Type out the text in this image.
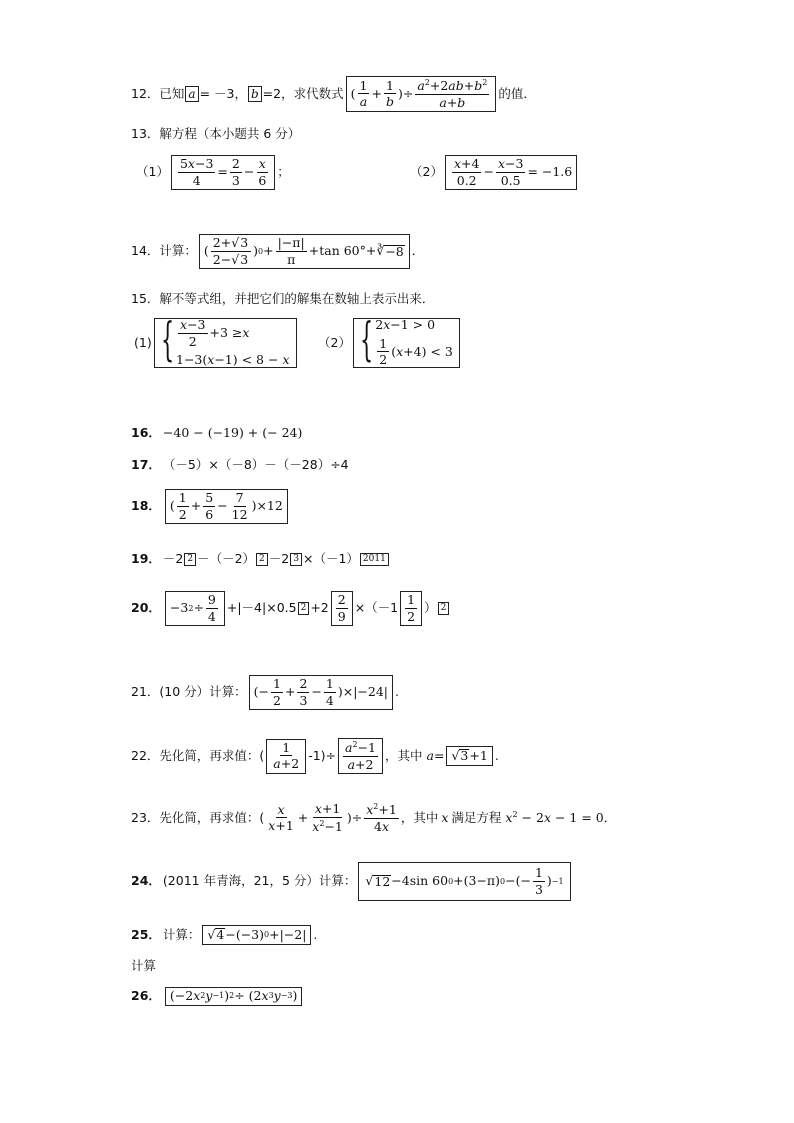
12． 已知 a = －3， b =2，求代数式 ( $\frac{1}{a} + \frac{1}{b}$ )÷ $\frac{a^2+2ab+b^2}{a+b}$ 的值．
13．解方程（本小题共 6 分）
$(1) \frac{5x-3}{4} = \frac{2}{3} - \frac{x}{6}$ ；	$(2) \frac{x+4}{0.2} - \frac{x-3}{0.5} = -1.6$
14．计算： ( $\frac{2+√3}{2-√3}$ ) $0 + \frac{|-\pi|}{\pi} +\tan$ 60°+∛ −8 ．
15．解不等式组，并把它们的解集在数轴上表示出来．
(1) { $\frac{x-3}{2} +3 \ge x$
1−3(x−1) < 8 − x
（2） { 2x−1 > 0
$\frac{1}{2}$ ( x +4) < 3
16． −40 − (−19) + (− 24)
17． （－5）×（－8）－（－28）÷4
18． ( $\frac{1}{2} + \frac{5}{6} - \frac{7}{12} )\times 12$
19． －2 2 －（－2） 2 －2 3 ×（－1） 2011
20． −3 $2 \div \frac{9}{4} +|-4|\times 0.5$ $2 +2 \frac{2}{9} \times(-1 \frac{1}{2}$ ） 2
21．(10 分）计算： (− $\frac{1}{2} + \frac{2}{3} - \frac{1}{4} )\times|-24|$ .
22．先化简，再求值：( $\frac{1}{a+2} -1)\div \frac{a^2-1}{a+2}$ ，其中 a= √ 3 +1 .
23．先化简，再求值：( $\frac{x}{x+1} + \frac{x+1}{x^2-1}$ )÷ $\frac{x^2+1}{4x}$ ，其中 x 满足方程 $x^2 - 2x - 1 = 0$ ．
24． (2011 年青海，21，5 分）计算： √ 12 −4sin 60 0 +(3−π) 0 −(− $\frac{1}{3}$ ) −1
25． 计算： √ 4 −(−3) 0 +|−2| .
计算
26． (−2 x 2 y −1 ) 2 ÷ (2 x 3 y −3 )
